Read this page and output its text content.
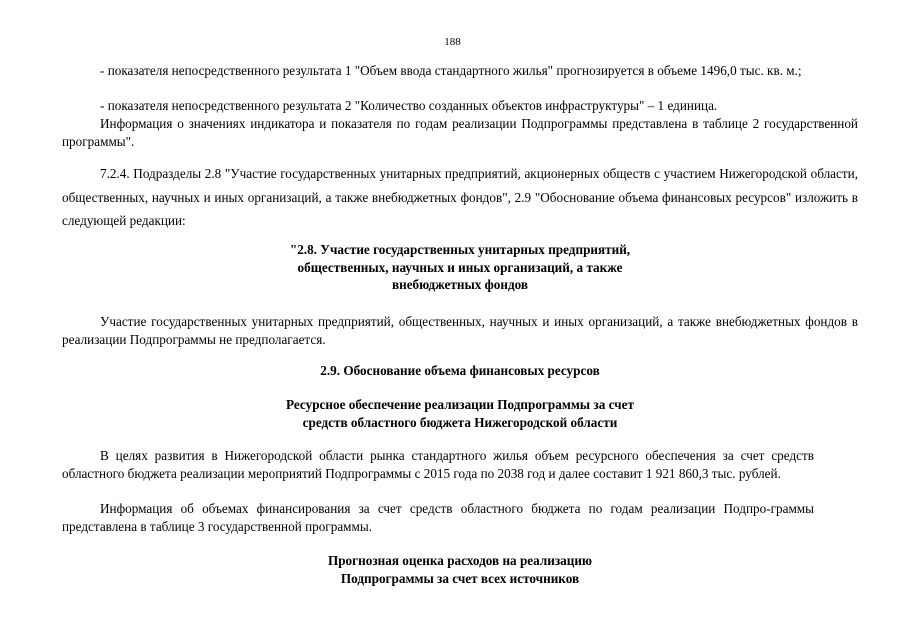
188

- показателя непосредственного результата 1 "Объем ввода стандартного жилья" прогнозируется в объеме 1496,0 тыс. кв. м.;

- показателя непосредственного результата 2 "Количество созданных объектов инфраструктуры" – 1 единица.

Информация о значениях индикатора и показателя по годам реализации Подпрограммы представлена в таблице 2 государственной программы".

7.2.4. Подразделы 2.8 "Участие государственных унитарных предприятий, акционерных обществ с участием Нижегородской области, общественных, научных и иных организаций, а также внебюджетных фондов", 2.9 "Обоснование объема финансовых ресурсов" изложить в следующей редакции:

"2.8. Участие государственных унитарных предприятий,
общественных, научных и иных организаций, а также
внебюджетных фондов

Участие государственных унитарных предприятий, общественных, научных и иных организаций, а также внебюджетных фондов в реализации Подпрограммы не предполагается.

2.9. Обоснование объема финансовых ресурсов
Ресурсное обеспечение реализации Подпрограммы за счет
средств областного бюджета Нижегородской области

В целях развития в Нижегородской области рынка стандартного жилья объем ресурсного обеспечения за счет средств областного бюджета реализации мероприятий Подпрограммы с 2015 года по 2038 год и далее составит 1 921 860,3 тыс. рублей.

Информация об объемах финансирования за счет средств областного бюджета по годам реализации Подпро-граммы представлена в таблице 3 государственной программы.

Прогнозная оценка расходов на реализацию
Подпрограммы за счет всех источников
